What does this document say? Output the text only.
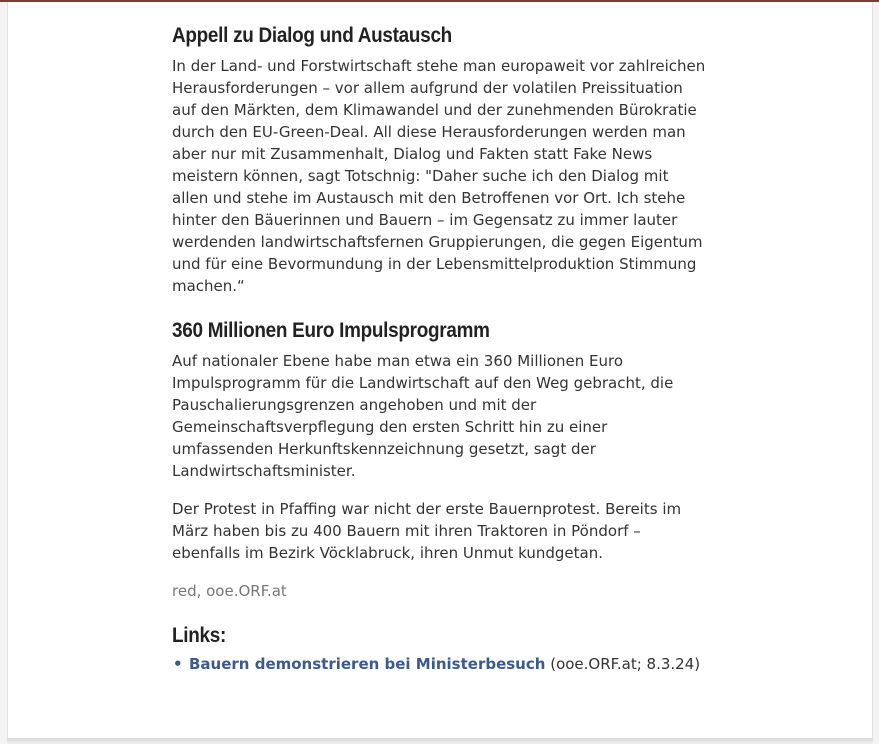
Appell zu Dialog und Austausch

In der Land- und Forstwirtschaft stehe man europaweit vor zahlreichen Herausforderungen – vor allem aufgrund der volatilen Preissituation auf den Märkten, dem Klimawandel und der zunehmenden Bürokratie durch den EU-Green-Deal. All diese Herausforderungen werden man aber nur mit Zusammenhalt, Dialog und Fakten statt Fake News meistern können, sagt Totschnig: "Daher suche ich den Dialog mit allen und stehe im Austausch mit den Betroffenen vor Ort. Ich stehe hinter den Bäuerinnen und Bauern – im Gegensatz zu immer lauter werdenden landwirtschaftsfernen Gruppierungen, die gegen Eigentum und für eine Bevormundung in der Lebensmittelproduktion Stimmung machen.“

360 Millionen Euro Impulsprogramm

Auf nationaler Ebene habe man etwa ein 360 Millionen Euro Impulsprogramm für die Landwirtschaft auf den Weg gebracht, die Pauschalierungsgrenzen angehoben und mit der Gemeinschaftsverpflegung den ersten Schritt hin zu einer umfassenden Herkunftskennzeichnung gesetzt, sagt der Landwirtschaftsminister.

Der Protest in Pfaffing war nicht der erste Bauernprotest. Bereits im März haben bis zu 400 Bauern mit ihren Traktoren in Pöndorf – ebenfalls im Bezirk Vöcklabruck, ihren Unmut kundgetan.

red, ooe.ORF.at
Links:
• Bauern demonstrieren bei Ministerbesuch (ooe.ORF.at; 8.3.24)
